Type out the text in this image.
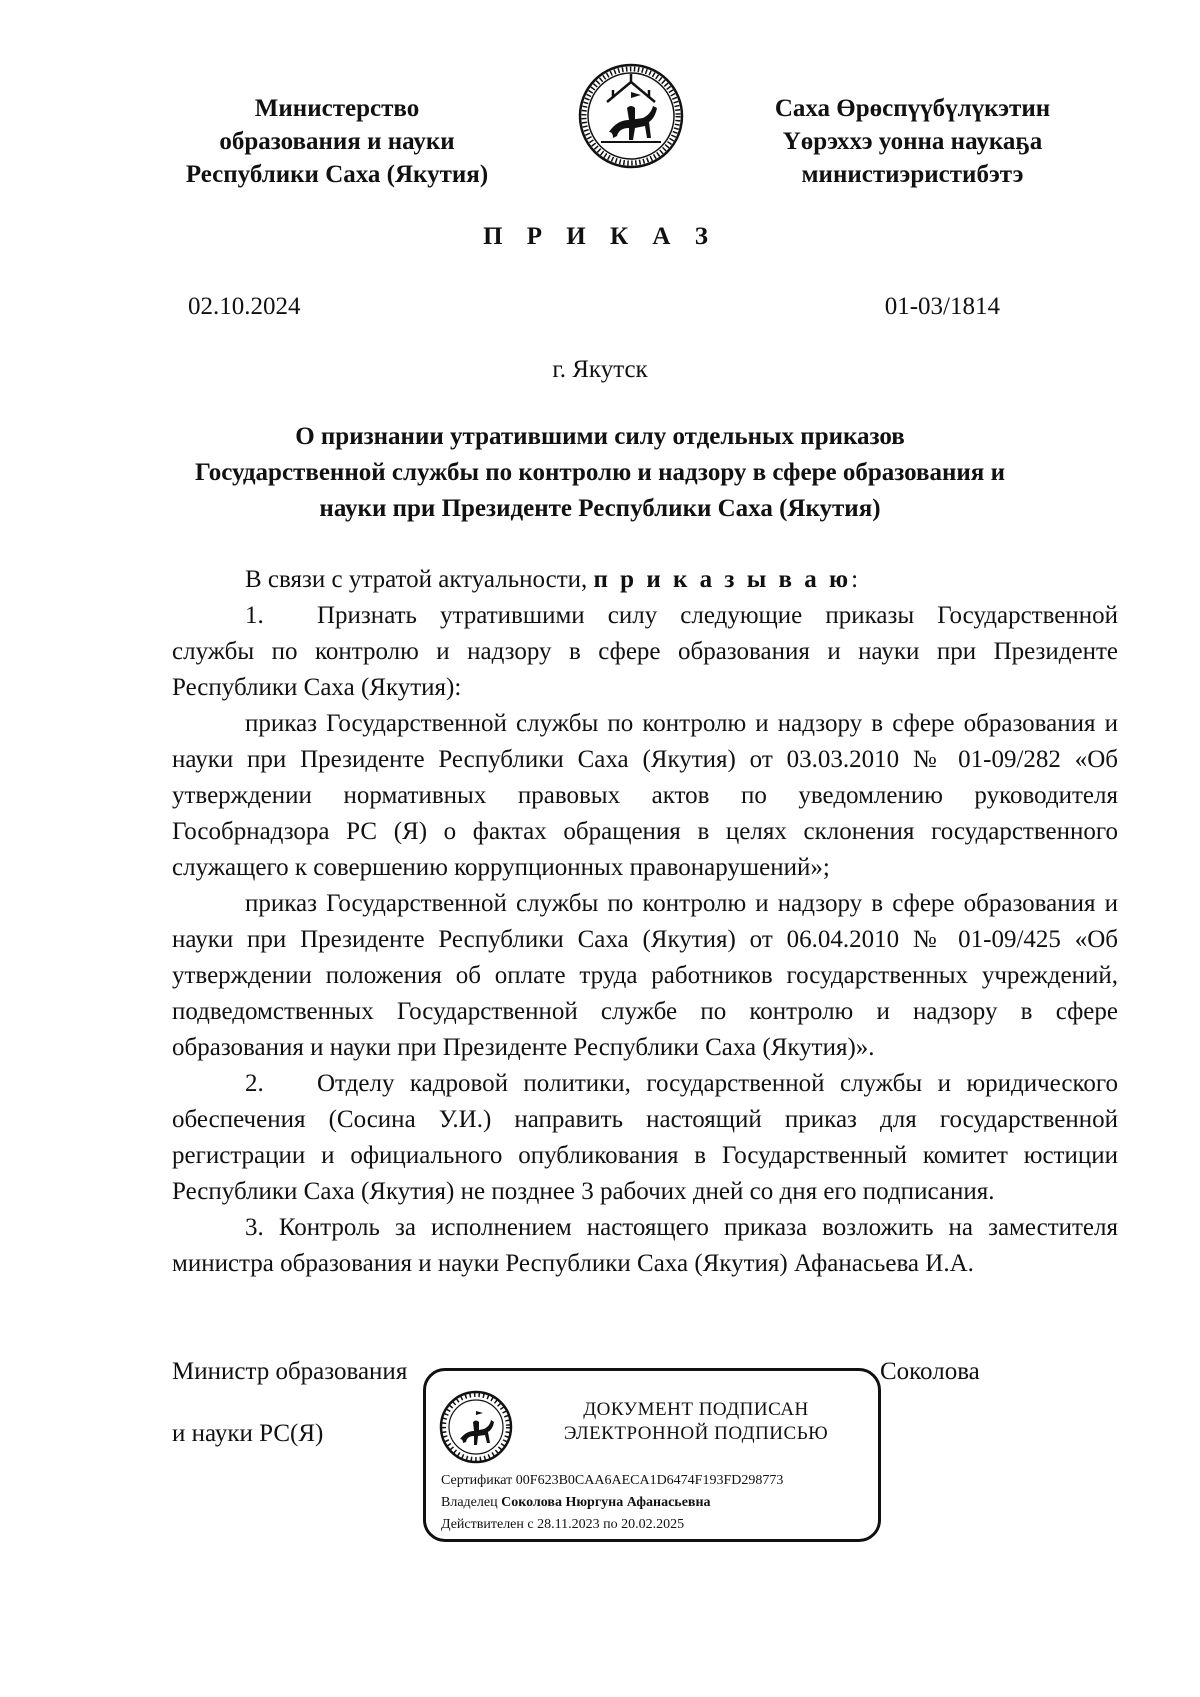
Министерство
образования и науки
Республики Саха (Якутия)
Саха Өрөспүүбүлүкэтин
Үөрэххэ уонна наукаҕа
министиэристибэтэ
П Р И К А З
02.10.2024	01-03/1814
г. Якутск
О признании утратившими силу отдельных приказов
Государственной службы по контролю и надзору в сфере образования и
науки при Президенте Республики Саха (Якутия)

В связи с утратой актуальности, п р и к а з ы в а ю:

1. Признать утратившими силу следующие приказы Государственной службы по контролю и надзору в сфере образования и науки при Президенте Республики Саха (Якутия):

приказ Государственной службы по контролю и надзору в сфере образования и науки при Президенте Республики Саха (Якутия) от 03.03.2010 № 01-09/282 «Об утверждении нормативных правовых актов по уведомлению руководителя Гособрнадзора РС (Я) о фактах обращения в целях склонения государственного служащего к совершению коррупционных правонарушений»;

приказ Государственной службы по контролю и надзору в сфере образования и науки при Президенте Республики Саха (Якутия) от 06.04.2010 № 01-09/425 «Об утверждении положения об оплате труда работников государственных учреждений, подведомственных Государственной службе по контролю и надзору в сфере образования и науки при Президенте Республики Саха (Якутия)».

2. Отделу кадровой политики, государственной службы и юридического обеспечения (Сосина У.И.) направить настоящий приказ для государственной регистрации и официального опубликования в Государственный комитет юстиции Республики Саха (Якутия) не позднее 3 рабочих дней со дня его подписания.

3. Контроль за исполнением настоящего приказа возложить на заместителя министра образования и науки Республики Саха (Якутия) Афанасьева И.А.

Министр образования
и науки РС(Я)
ДОКУМЕНТ ПОДПИСАН
ЭЛЕКТРОННОЙ ПОДПИСЬЮ
Сертификат 00F623B0CAA6AECA1D6474F193FD298773
Владелец Соколова Нюргуна Афанасьевна
Действителен с 28.11.2023 по 20.02.2025
Соколова
